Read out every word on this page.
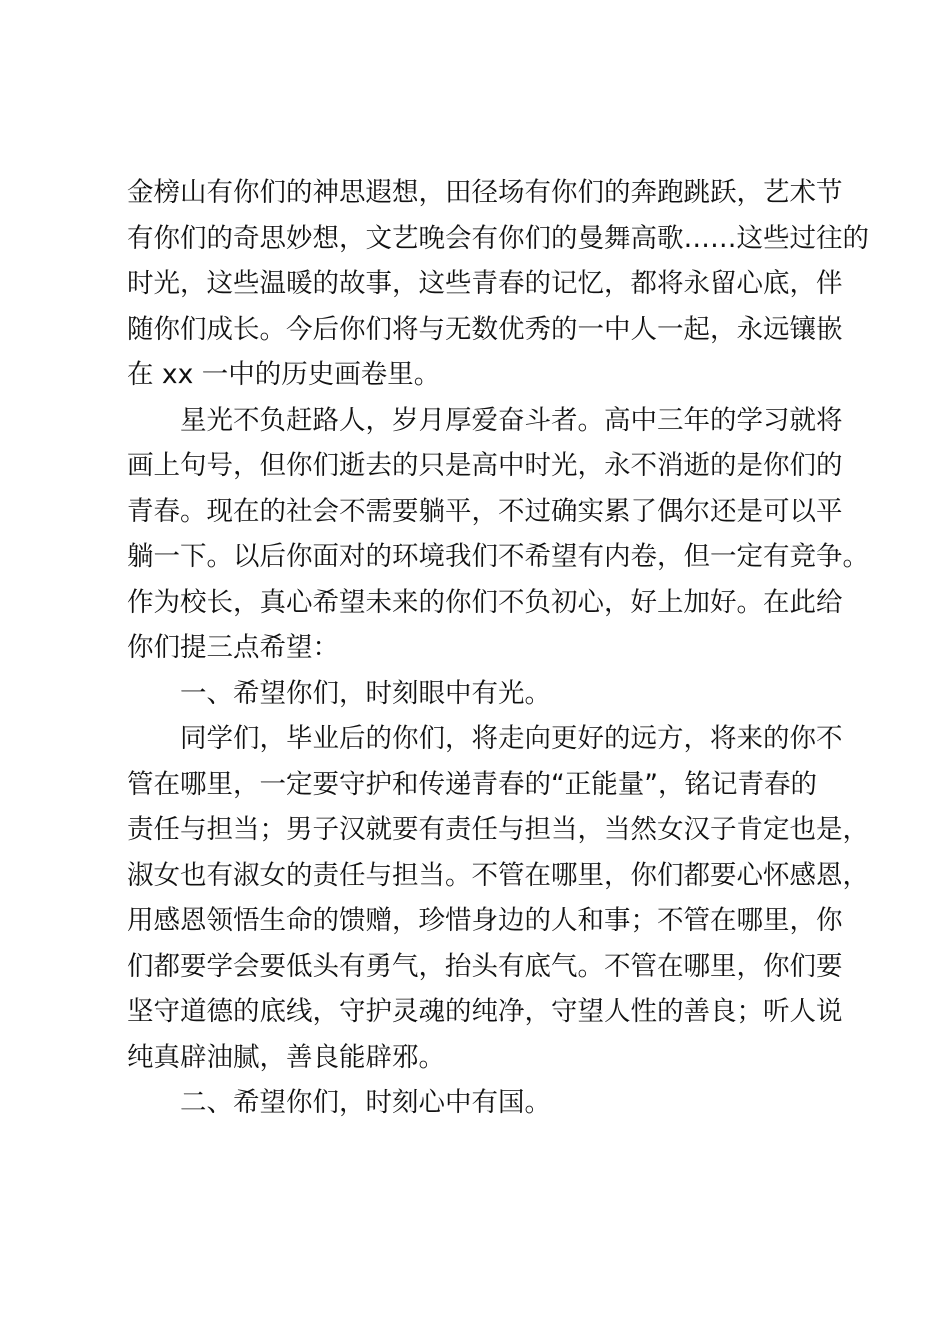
金榜山有你们的神思遐想，田径场有你们的奔跑跳跃，艺术节
有你们的奇思妙想，文艺晚会有你们的曼舞高歌……这些过往的
时光，这些温暖的故事，这些青春的记忆，都将永留心底，伴
随你们成长。今后你们将与无数优秀的一中人一起，永远镶嵌
在 xx 一中的历史画卷里。

星光不负赶路人，岁月厚爱奋斗者。高中三年的学习就将
画上句号，但你们逝去的只是高中时光，永不消逝的是你们的
青春。现在的社会不需要躺平，不过确实累了偶尔还是可以平
躺一下。以后你面对的环境我们不希望有内卷，但一定有竞争。
作为校长，真心希望未来的你们不负初心，好上加好。在此给
你们提三点希望：

一、希望你们，时刻眼中有光。

同学们，毕业后的你们，将走向更好的远方，将来的你不
管在哪里，一定要守护和传递青春的“正能量”，铭记青春的
责任与担当；男子汉就要有责任与担当，当然女汉子肯定也是，
淑女也有淑女的责任与担当。不管在哪里，你们都要心怀感恩，
用感恩领悟生命的馈赠，珍惜身边的人和事；不管在哪里，你
们都要学会要低头有勇气，抬头有底气。不管在哪里，你们要
坚守道德的底线，守护灵魂的纯净，守望人性的善良；听人说
纯真辟油腻，善良能辟邪。

二、希望你们，时刻心中有国。
